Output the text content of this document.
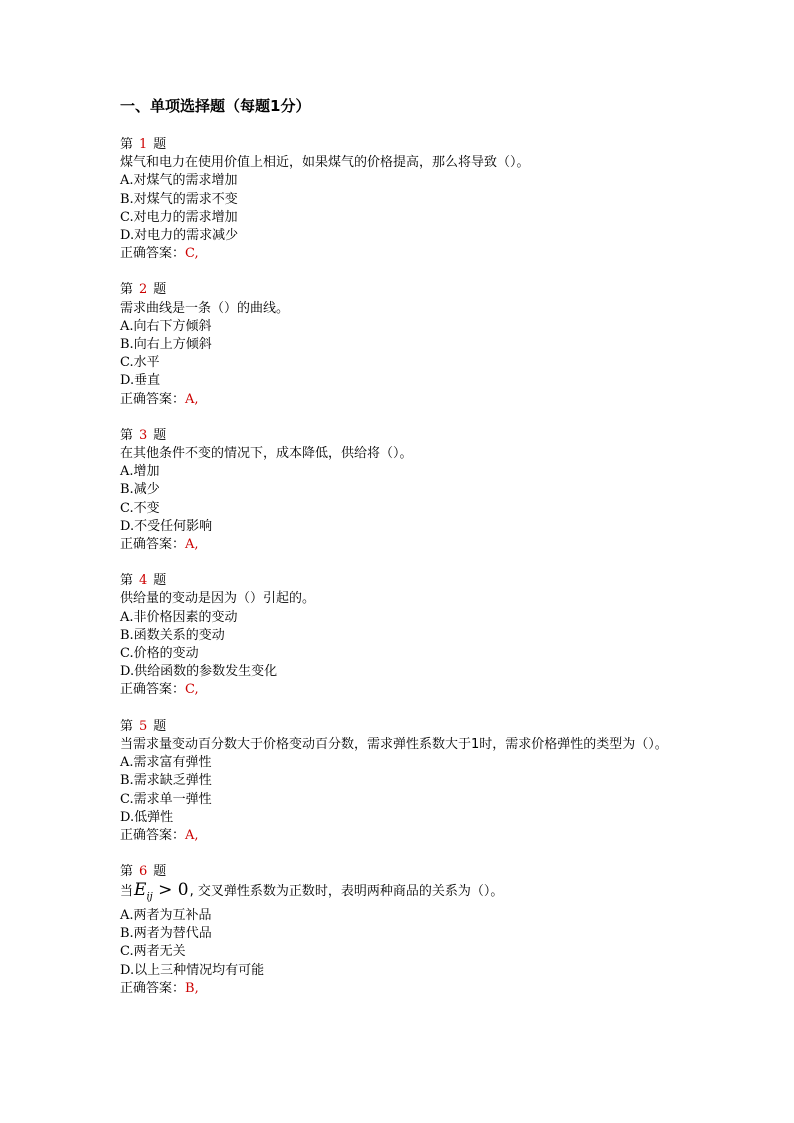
一、单项选择题（每题1分）
第 1 题
煤气和电力在使用价值上相近，如果煤气的价格提高，那么将导致（）。
A.对煤气的需求增加
B.对煤气的需求不变
C.对电力的需求增加
D.对电力的需求减少
正确答案：C,
第 2 题
需求曲线是一条（）的曲线。
A.向右下方倾斜
B.向右上方倾斜
C.水平
D.垂直
正确答案：A,
第 3 题
在其他条件不变的情况下，成本降低，供给将（）。
A.增加
B.减少
C.不变
D.不受任何影响
正确答案：A,
第 4 题
供给量的变动是因为（）引起的。
A.非价格因素的变动
B.函数关系的变动
C.价格的变动
D.供给函数的参数发生变化
正确答案：C,
第 5 题
当需求量变动百分数大于价格变动百分数，需求弹性系数大于1时，需求价格弹性的类型为（）。
A.需求富有弹性
B.需求缺乏弹性
C.需求单一弹性
D.低弹性
正确答案：A,
第 6 题
当$E_{ij} > 0$, 交叉弹性系数为正数时，表明两种商品的关系为（）。
A.两者为互补品
B.两者为替代品
C.两者无关
D.以上三种情况均有可能
正确答案：B,
